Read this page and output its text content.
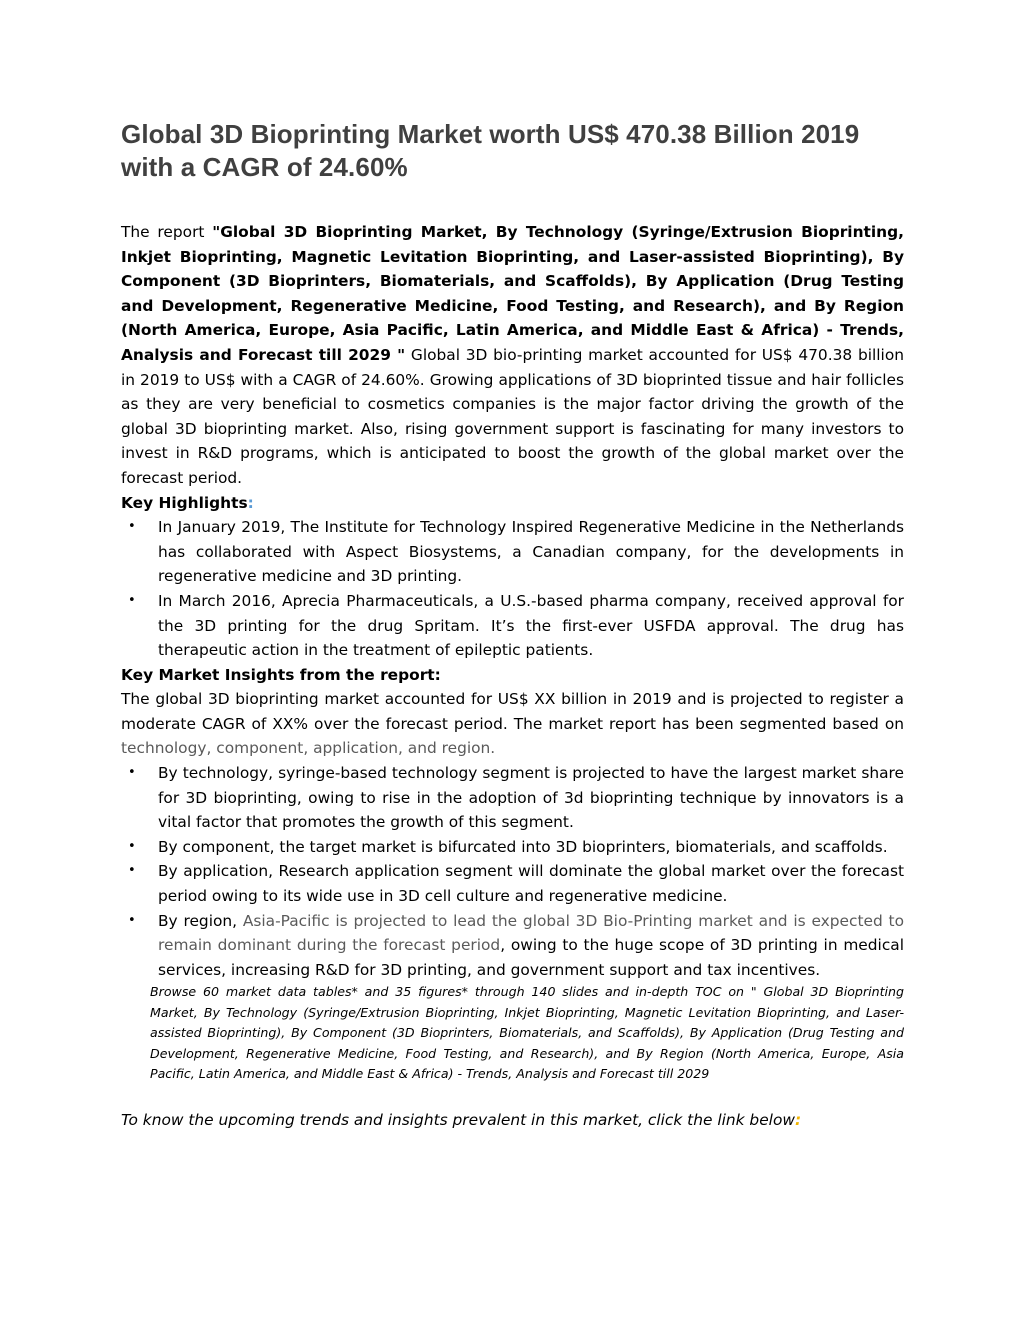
Global 3D Bioprinting Market worth US$ 470.38 Billion 2019 with a CAGR of 24.60%

The report "Global 3D Bioprinting Market, By Technology (Syringe/Extrusion Bioprinting, Inkjet Bioprinting, Magnetic Levitation Bioprinting, and Laser-assisted Bioprinting), By Component (3D Bioprinters, Biomaterials, and Scaffolds), By Application (Drug Testing and Development, Regenerative Medicine, Food Testing, and Research), and By Region (North America, Europe, Asia Pacific, Latin America, and Middle East & Africa) - Trends, Analysis and Forecast till 2029 " Global 3D bio-printing market accounted for US$ 470.38 billion in 2019 to US$ with a CAGR of 24.60%. Growing applications of 3D bioprinted tissue and hair follicles as they are very beneficial to cosmetics companies is the major factor driving the growth of the global 3D bioprinting market. Also, rising government support is fascinating for many investors to invest in R&D programs, which is anticipated to boost the growth of the global market over the forecast period.

Key Highlights:

• In January 2019, The Institute for Technology Inspired Regenerative Medicine in the Netherlands has collaborated with Aspect Biosystems, a Canadian company, for the developments in regenerative medicine and 3D printing.
• In March 2016, Aprecia Pharmaceuticals, a U.S.-based pharma company, received approval for the 3D printing for the drug Spritam. It’s the first-ever USFDA approval. The drug has therapeutic action in the treatment of epileptic patients.

Key Market Insights from the report:

The global 3D bioprinting market accounted for US$ XX billion in 2019 and is projected to register a moderate CAGR of XX% over the forecast period. The market report has been segmented based on technology, component, application, and region.

• By technology, syringe-based technology segment is projected to have the largest market share for 3D bioprinting, owing to rise in the adoption of 3d bioprinting technique by innovators is a vital factor that promotes the growth of this segment.
• By component, the target market is bifurcated into 3D bioprinters, biomaterials, and scaffolds.
• By application, Research application segment will dominate the global market over the forecast period owing to its wide use in 3D cell culture and regenerative medicine.
• By region, Asia-Pacific is projected to lead the global 3D Bio-Printing market and is expected to remain dominant during the forecast period, owing to the huge scope of 3D printing in medical services, increasing R&D for 3D printing, and government support and tax incentives.

Browse 60 market data tables* and 35 figures* through 140 slides and in-depth TOC on " Global 3D Bioprinting Market, By Technology (Syringe/Extrusion Bioprinting, Inkjet Bioprinting, Magnetic Levitation Bioprinting, and Laser-assisted Bioprinting), By Component (3D Bioprinters, Biomaterials, and Scaffolds), By Application (Drug Testing and Development, Regenerative Medicine, Food Testing, and Research), and By Region (North America, Europe, Asia Pacific, Latin America, and Middle East & Africa) - Trends, Analysis and Forecast till 2029

To know the upcoming trends and insights prevalent in this market, click the link below:
